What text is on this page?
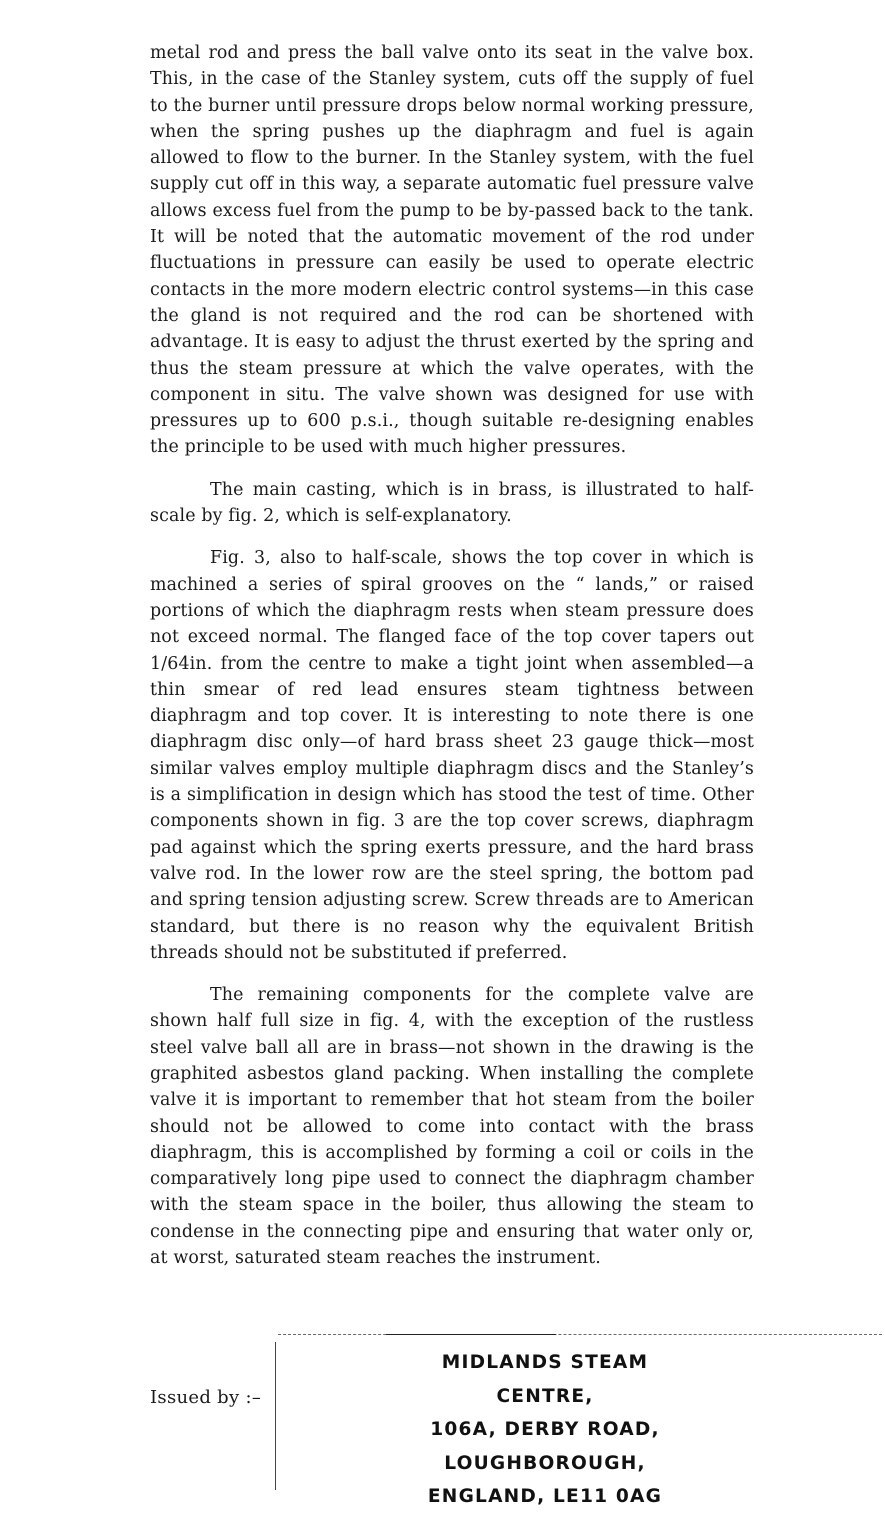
metal rod and press the ball valve onto its seat in the valve box. This, in the case of the Stanley system, cuts off the supply of fuel to the burner until pressure drops below normal working pressure, when the spring pushes up the diaphragm and fuel is again allowed to flow to the burner. In the Stanley system, with the fuel supply cut off in this way, a separate automatic fuel pressure valve allows excess fuel from the pump to be by-passed back to the tank. It will be noted that the automatic movement of the rod under fluctuations in pressure can easily be used to operate electric contacts in the more modern electric control systems—in this case the gland is not required and the rod can be shortened with advantage. It is easy to adjust the thrust exerted by the spring and thus the steam pressure at which the valve operates, with the component in situ. The valve shown was designed for use with pressures up to 600 p.s.i., though suitable re-designing enables the principle to be used with much higher pressures.

The main casting, which is in brass, is illustrated to half-scale by fig. 2, which is self-explanatory.

Fig. 3, also to half-scale, shows the top cover in which is machined a series of spiral grooves on the “ lands,” or raised portions of which the diaphragm rests when steam pressure does not exceed normal. The flanged face of the top cover tapers out 1/64in. from the centre to make a tight joint when assembled—a thin smear of red lead ensures steam tightness between diaphragm and top cover. It is interesting to note there is one diaphragm disc only—of hard brass sheet 23 gauge thick—most similar valves employ multiple diaphragm discs and the Stanley’s is a simplification in design which has stood the test of time. Other components shown in fig. 3 are the top cover screws, diaphragm pad against which the spring exerts pressure, and the hard brass valve rod. In the lower row are the steel spring, the bottom pad and spring tension adjusting screw. Screw threads are to American standard, but there is no reason why the equivalent British threads should not be substituted if preferred.

The remaining components for the complete valve are shown half full size in fig. 4, with the exception of the rustless steel valve ball all are in brass—not shown in the drawing is the graphited asbestos gland packing. When installing the complete valve it is important to remember that hot steam from the boiler should not be allowed to come into contact with the brass diaphragm, this is accomplished by forming a coil or coils in the comparatively long pipe used to connect the diaphragm chamber with the steam space in the boiler, thus allowing the steam to condense in the connecting pipe and ensuring that water only or, at worst, saturated steam reaches the instrument.

Issued by :–
MIDLANDS STEAM CENTRE,
106A, DERBY ROAD,
LOUGHBOROUGH,
ENGLAND, LE11 0AG
